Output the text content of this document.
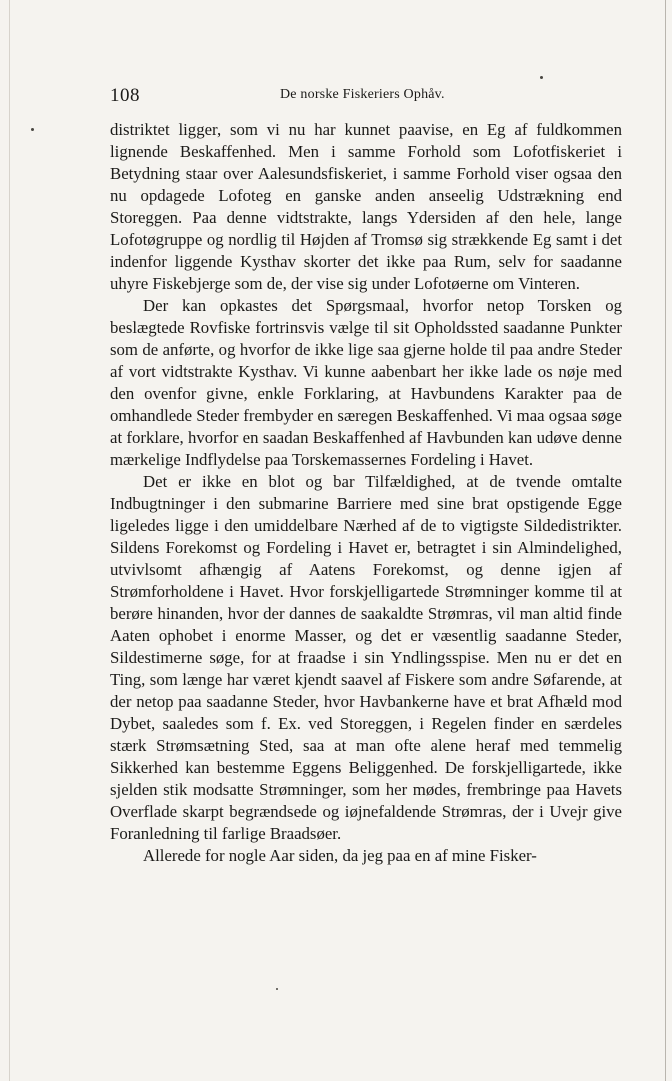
108	De norske Fiskeriers Ophåv.

distriktet ligger, som vi nu har kunnet paavise, en Eg af fuldkommen lignende Beskaffenhed. Men i samme Forhold som Lofotfiskeriet i Betydning staar over Aalesundsfiskeriet, i samme Forhold viser ogsaa den nu opdagede Lofoteg en ganske anden anseelig Udstrækning end Storeggen. Paa denne vidtstrakte, langs Ydersiden af den hele, lange Lofotøgruppe og nordlig til Højden af Tromsø sig strækkende Eg samt i det indenfor liggende Kysthav skorter det ikke paa Rum, selv for saadanne uhyre Fiskebjerge som de, der vise sig under Lofotøerne om Vinteren.

Der kan opkastes det Spørgsmaal, hvorfor netop Torsken og beslægtede Rovfiske fortrinsvis vælge til sit Opholdssted saadanne Punkter som de anførte, og hvorfor de ikke lige saa gjerne holde til paa andre Steder af vort vidtstrakte Kysthav. Vi kunne aabenbart her ikke lade os nøje med den ovenfor givne, enkle Forklaring, at Havbundens Karakter paa de omhandlede Steder frembyder en særegen Beskaffenhed. Vi maa ogsaa søge at forklare, hvorfor en saadan Beskaffenhed af Havbunden kan udøve denne mærkelige Indflydelse paa Torskemassernes Fordeling i Havet.

Det er ikke en blot og bar Tilfældighed, at de tvende omtalte Indbugtninger i den submarine Barriere med sine brat opstigende Egge ligeledes ligge i den umiddelbare Nærhed af de to vigtigste Sildedistrikter. Sildens Forekomst og Fordeling i Havet er, betragtet i sin Almindelighed, utvivlsomt afhængig af Aatens Forekomst, og denne igjen af Strømforholdene i Havet. Hvor forskjelligartede Strømninger komme til at berøre hinanden, hvor der dannes de saakaldte Strømras, vil man altid finde Aaten ophobet i enorme Masser, og det er væsentlig saadanne Steder, Sildestimerne søge, for at fraadse i sin Yndlingsspise. Men nu er det en Ting, som længe har været kjendt saavel af Fiskere som andre Søfarende, at der netop paa saadanne Steder, hvor Havbankerne have et brat Afhæld mod Dybet, saaledes som f. Ex. ved Storeggen, i Regelen finder en særdeles stærk Strømsætning Sted, saa at man ofte alene heraf med temmelig Sikkerhed kan bestemme Eggens Beliggenhed. De forskjelligartede, ikke sjelden stik modsatte Strømninger, som her mødes, frembringe paa Havets Overflade skarpt begrændsede og iøjnefaldende Strømras, der i Uvejr give Foranledning til farlige Braadsøer.

Allerede for nogle Aar siden, da jeg paa en af mine Fisker-
